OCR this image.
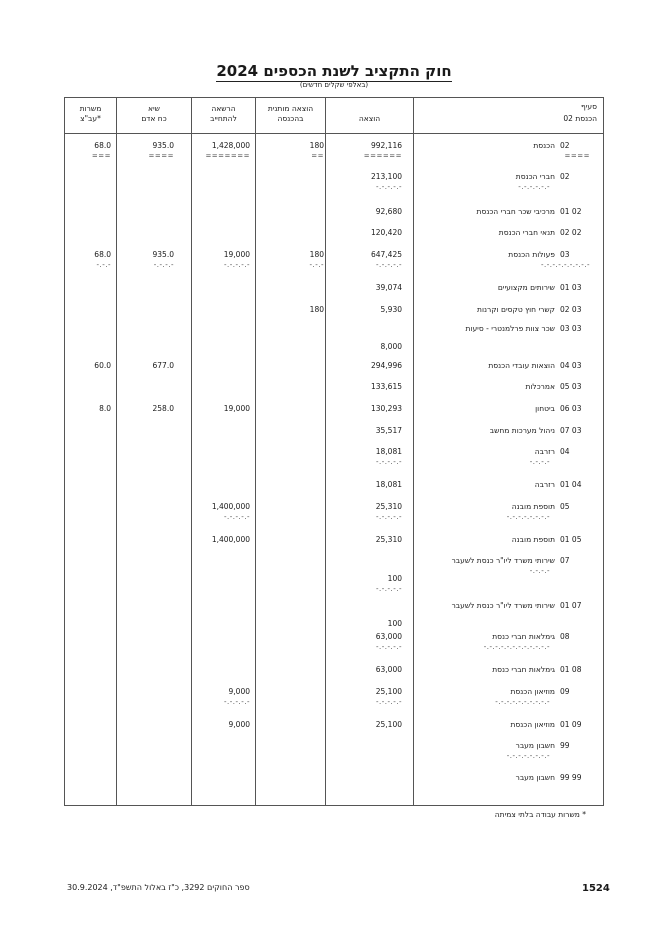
חוק התקציב לשנת הכספים 2024
(באלפי שקלים חדשים)
משרות
עב"צ*
שיא
כח אדם
הרשאה
להתחייב
הוצאה מותנית
בהכנסה	הוצאה
סעיף
02 הכנסת
02
הכנסת
992,116
180
1,428,000
935.0
68.0
====
======
==
=======
====
===
02
חברי הכנסת
213,100
-.-.-.-.-.-
-.-.-.-.-
01 02
מרכיבי שכר חברי הכנסת
92,680
02 02
תנאי חברי הכנסת
120,420
03
פעולות הכנסת
647,425
180
19,000
935.0
68.0
-.-.-.-.-.-.-.-.-
-.-.-.-.-
-.-.-
-.-.-.-.-
-.-.-.-
-.-.-
01 03
שירותים מקצועיים
39,074
02 03
קשרי חוץ טקסים וקרנות
5,930
180
03 03
שכר צוות פרלמנטרי - סיעות
8,000
04 03
הוצאות עובדי הכנסת
294,996
677.0
60.0
05 03
אמרכלות
133,615
06 03
ביטחון
130,293
19,000
258.0
8.0
07 03
ניהול מערכות מחשב
35,517
04
רזרבה
18,081
-.-.-.-
-.-.-.-.-
01 04
רזרבה
18,081
05
תוספת מובנה
25,310
1,400,000
-.-.-.-.-.-.-.-
-.-.-.-.-
-.-.-.-.-
01 05
תוספת מובנה
25,310
1,400,000
07
שירותי משרד ליו"ר כנסת לשעבר
100
-.-.-.-
-.-.-.-.-
01 07
שירותי משרד ליו"ר כנסת לשעבר
100
08
גימלאות חברי כנסת
63,000
-.-.-.-.-.-.-.-.-.-.-.-
-.-.-.-.-
01 08
גימלאות חברי כנסת
63,000
09
מוזיאון הכנסת
25,100
9,000
-.-.-.-.-.-.-.-.-.-
-.-.-.-.-
-.-.-.-.-
01 09
מוזיאון הכנסת
25,100
9,000
99
חשבון מעבר
-.-.-.-.-.-.-.-
99 99
חשבון מעבר
* משרות עבודה בלתי צמיתה
ספר החוקים 3292, כ"ז באלול התשפ"ד, 30.9.2024	1524
